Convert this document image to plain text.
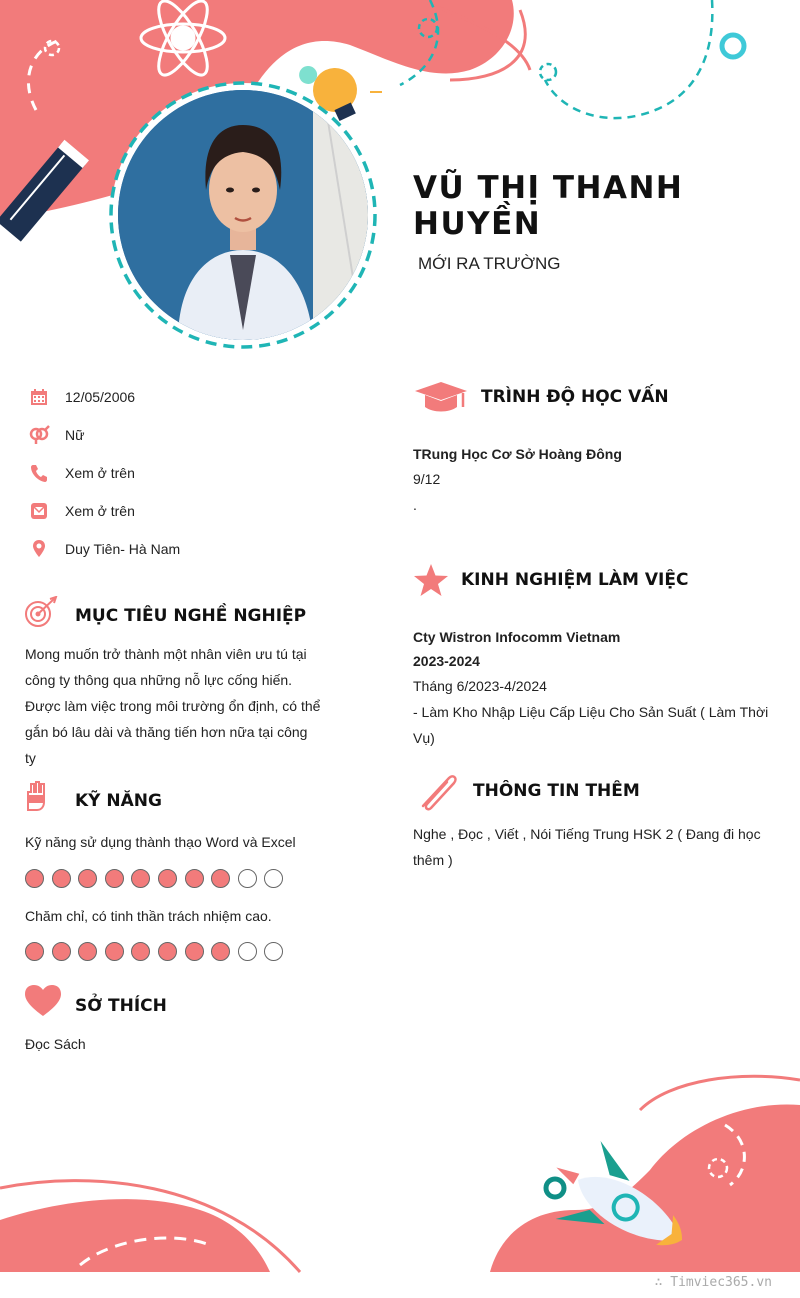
VŨ THỊ THANH HUYỀN
MỚI RA TRƯỜNG
12/05/2006
Nữ
Xem ở trên
Xem ở trên
Duy Tiên- Hà Nam
MỤC TIÊU NGHỀ NGHIỆP
Mong muốn trở thành một nhân viên ưu tú tại
công ty thông qua những nỗ lực cống hiến.
Được làm việc trong môi trường ổn định, có thể
gắn bó lâu dài và thăng tiến hơn nữa tại công
ty
KỸ NĂNG
Kỹ năng sử dụng thành thạo Word và Excel
Chăm chỉ, có tinh thần trách nhiệm cao.
SỞ THÍCH
Đọc Sách
TRÌNH ĐỘ HỌC VẤN
TRung Học Cơ Sở Hoàng Đông
9/12
.
KINH NGHIỆM LÀM VIỆC
Cty Wistron Infocomm Vietnam
2023-2024
Tháng 6/2023-4/2024
- Làm Kho Nhập Liệu Cấp Liệu Cho Sản Suất ( Làm Thời
Vụ)
THÔNG TIN THÊM
Nghe , Đọc , Viết , Nói Tiếng Trung HSK 2 ( Đang đi học
thêm )
∴ Timviec365.vn
